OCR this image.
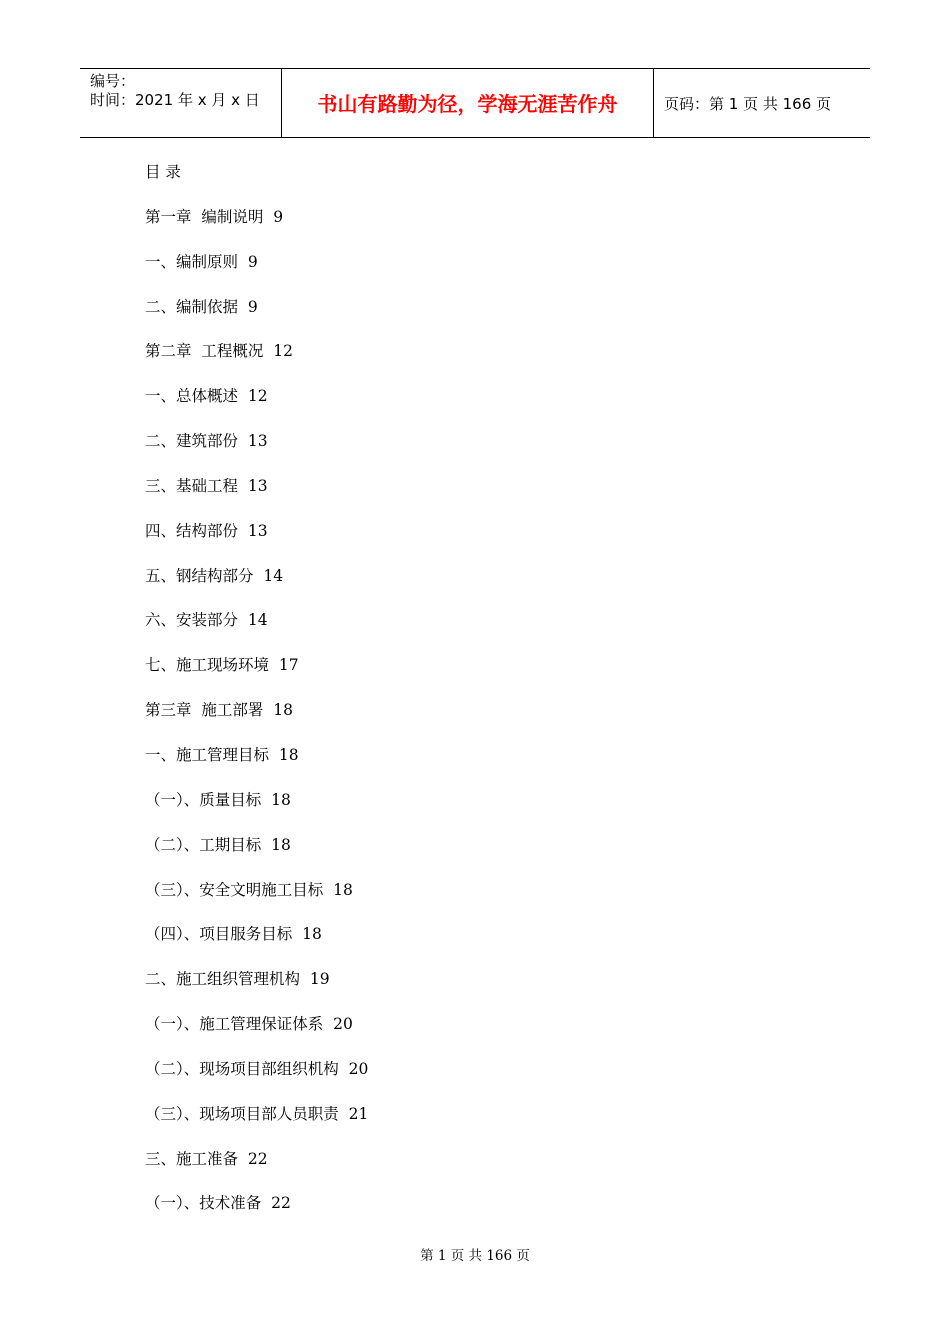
编号：
时间：2021 年 x 月 x 日	书山有路勤为径，学海无涯苦作舟	页码：第 1 页 共 166 页
目 录
第一章  编制说明  9
一、编制原则  9
二、编制依据  9
第二章  工程概况  12
一、总体概述  12
二、建筑部份  13
三、基础工程  13
四、结构部份  13
五、钢结构部分  14
六、安装部分  14
七、施工现场环境  17
第三章  施工部署  18
一、施工管理目标  18
（一）、质量目标  18
（二）、工期目标  18
（三）、安全文明施工目标  18
（四）、项目服务目标  18
二、施工组织管理机构  19
（一）、施工管理保证体系  20
（二）、现场项目部组织机构  20
（三）、现场项目部人员职责  21
三、施工准备  22
（一）、技术准备  22
第 1 页 共 166 页
